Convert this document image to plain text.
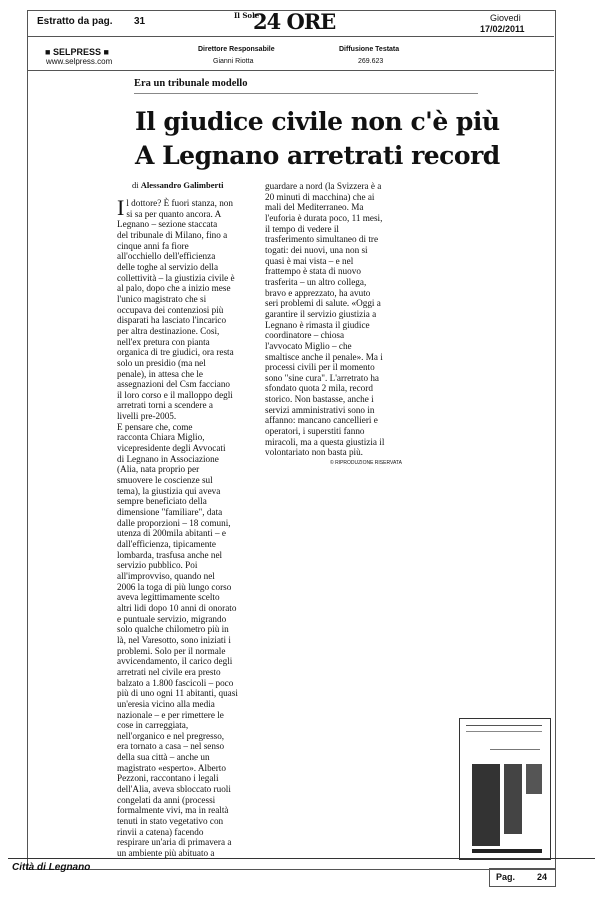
Estratto da pag. 31
Il Sole
24 ORE	Giovedì
17/02/2011
■ SELPRESS ■
www.selpress.com
Direttore Responsabile
Gianni Riotta
Diffusione Testata
269.623
Era un tribunale modello
Il giudice civile non c'è più
A Legnano arretrati record
di Alessandro Galimberti
I l dottore? È fuori stanza, non
si sa per quanto ancora. A
Legnano – sezione staccata
del tribunale di Milano, fino a
cinque anni fa fiore
all'occhiello dell'efficienza
delle toghe al servizio della
collettività – la giustizia civile è
al palo, dopo che a inizio mese
l'unico magistrato che si
occupava dei contenziosi più
disparati ha lasciato l'incarico
per altra destinazione. Così,
nell'ex pretura con pianta
organica di tre giudici, ora resta
solo un presidio (ma nel
penale), in attesa che le
assegnazioni del Csm facciano
il loro corso e il malloppo degli
arretrati torni a scendere a
livelli pre-2005.
E pensare che, come
racconta Chiara Miglio,
vicepresidente degli Avvocati
di Legnano in Associazione
(Alia, nata proprio per
smuovere le coscienze sul
tema), la giustizia qui aveva
sempre beneficiato della
dimensione "familiare", data
dalle proporzioni – 18 comuni,
utenza di 200mila abitanti – e
dall'efficienza, tipicamente
lombarda, trasfusa anche nel
servizio pubblico. Poi
all'improvviso, quando nel
2006 la toga di più lungo corso
aveva legittimamente scelto
altri lidi dopo 10 anni di onorato
e puntuale servizio, migrando
solo qualche chilometro più in
là, nel Varesotto, sono iniziati i
problemi. Solo per il normale
avvicendamento, il carico degli
arretrati nel civile era presto
balzato a 1.800 fascicoli – poco
più di uno ogni 11 abitanti, quasi
un'eresia vicino alla media
nazionale – e per rimettere le
cose in carreggiata,
nell'organico e nel pregresso,
era tornato a casa – nel senso
della sua città – anche un
magistrato «esperto». Alberto
Pezzoni, raccontano i legali
dell'Alia, aveva sbloccato ruoli
congelati da anni (processi
formalmente vivi, ma in realtà
tenuti in stato vegetativo con
rinvii a catena) facendo
respirare un'aria di primavera a
un ambiente più abituato a
guardare a nord (la Svizzera è a
20 minuti di macchina) che ai
mali del Mediterraneo. Ma
l'euforia è durata poco, 11 mesi,
il tempo di vedere il
trasferimento simultaneo di tre
togati: dei nuovi, una non si
quasi è mai vista – e nel
frattempo è stata di nuovo
trasferita – un altro collega,
bravo e apprezzato, ha avuto
seri problemi di salute. «Oggi a
garantire il servizio giustizia a
Legnano è rimasta il giudice
coordinatore – chiosa
l'avvocato Miglio – che
smaltisce anche il penale». Ma i
processi civili per il momento
sono "sine cura". L'arretrato ha
sfondato quota 2 mila, record
storico. Non bastasse, anche i
servizi amministrativi sono in
affanno: mancano cancellieri e
operatori, i superstiti fanno
miracoli, ma a questa giustizia il
volontariato non basta più.
© RIPRODUZIONE RISERVATA
Città di Legnano
Pag. 24
